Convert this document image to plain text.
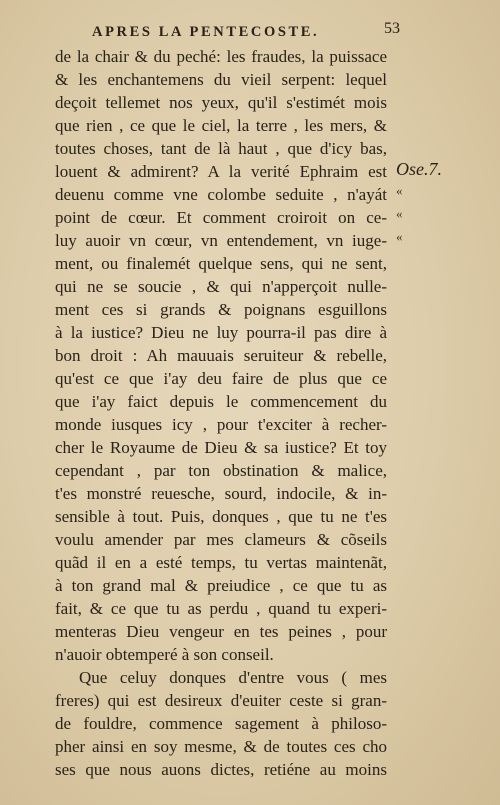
APRES LA PENTECOSTE.	53
de la chair & du peché: les fraudes, la puissace
& les enchantemens du vieil serpent: lequel
deçoit tellemet nos yeux, qu'il s'estimét mois
que rien , ce que le ciel, la terre , les mers, &
toutes choses, tant de là haut , que d'icy bas,
louent & admirent? A la verité Ephraim est
deuenu comme vne colombe seduite , n'ayát
point de cœur. Et comment croiroit on ce-
luy auoir vn cœur, vn entendement, vn iuge-
ment, ou finalemét quelque sens, qui ne sent,
qui ne se soucie , & qui n'apperçoit nulle-
ment ces si grands & poignans esguillons
à la iustice? Dieu ne luy pourra-il pas dire à
bon droit : Ah mauuais seruiteur & rebelle,
qu'est ce que i'ay deu faire de plus que ce
que i'ay faict depuis le commencement du
monde iusques icy , pour t'exciter à recher-
cher le Royaume de Dieu & sa iustice? Et toy
cependant , par ton obstination & malice,
t'es monstré reuesche, sourd, indocile, & in-
sensible à tout. Puis, donques , que tu ne t'es
voulu amender par mes clameurs & cõseils
quãd il en a esté temps, tu vertas maintenãt,
à ton grand mal & preiudice , ce que tu as
fait, & ce que tu as perdu , quand tu experi-
menteras Dieu vengeur en tes peines , pour
n'auoir obtemperé à son conseil.
Que celuy donques d'entre vous ( mes
freres) qui est desireux d'euiter ceste si gran-
de fouldre, commence sagement à philoso-
pher ainsi en soy mesme, & de toutes ces cho
ses que nous auons dictes, retiéne au moins
Ose.7.
«
«
«
